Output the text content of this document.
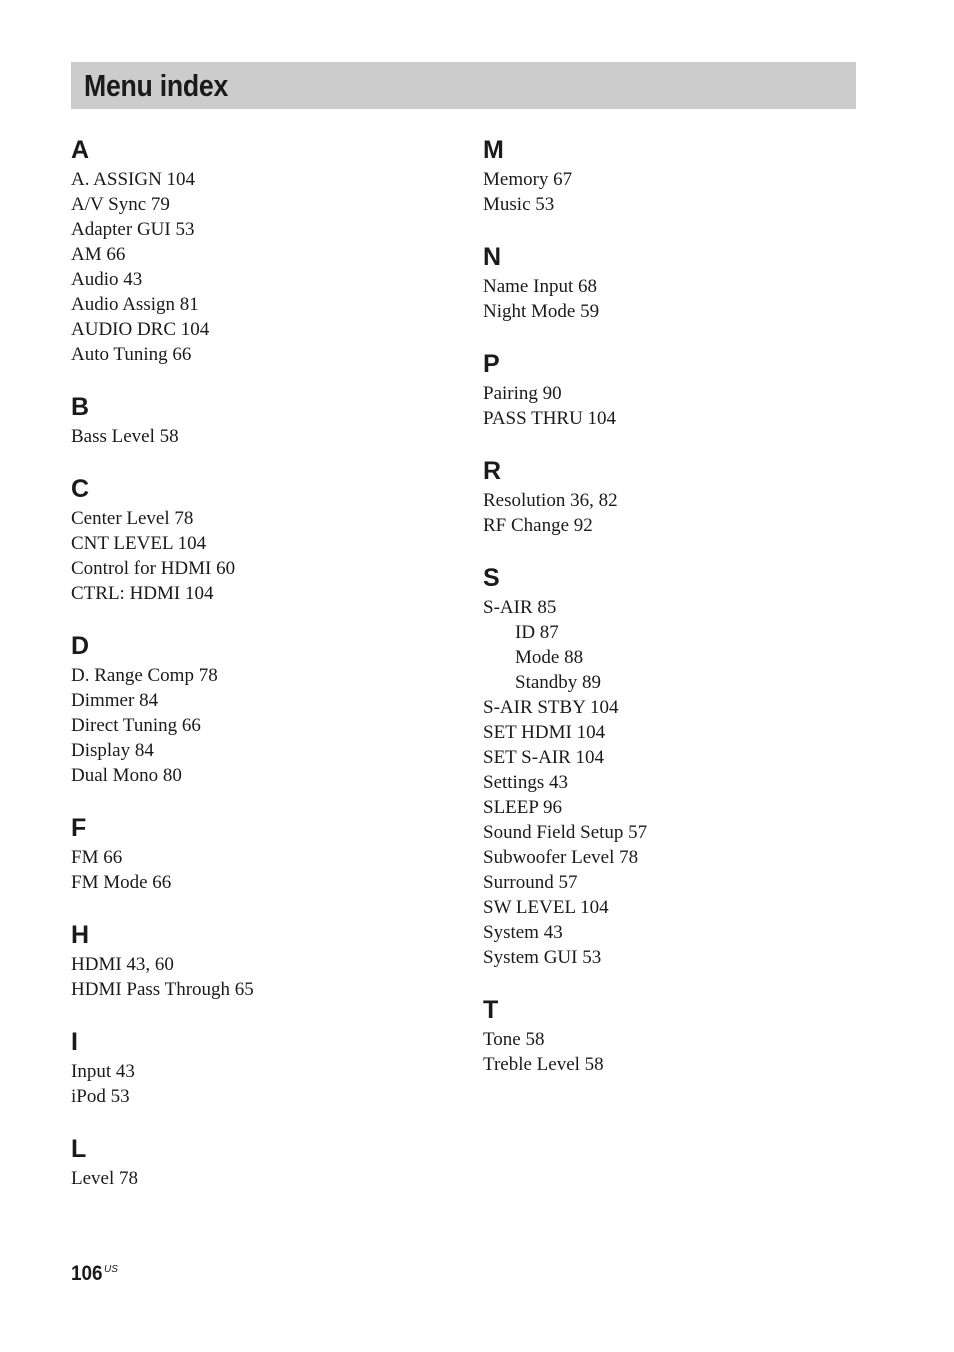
Menu index
A
A. ASSIGN 104
A/V Sync 79
Adapter GUI 53
AM 66
Audio 43
Audio Assign 81
AUDIO DRC 104
Auto Tuning 66
B
Bass Level 58
C
Center Level 78
CNT LEVEL 104
Control for HDMI 60
CTRL: HDMI 104
D
D. Range Comp 78
Dimmer 84
Direct Tuning 66
Display 84
Dual Mono 80
F
FM 66
FM Mode 66
H
HDMI 43, 60
HDMI Pass Through 65
I
Input 43
iPod 53
L
Level 78
M
Memory 67
Music 53
N
Name Input 68
Night Mode 59
P
Pairing 90
PASS THRU 104
R
Resolution 36, 82
RF Change 92
S
S-AIR 85
ID 87
Mode 88
Standby 89
S-AIR STBY 104
SET HDMI 104
SET S-AIR 104
Settings 43
SLEEP 96
Sound Field Setup 57
Subwoofer Level 78
Surround 57
SW LEVEL 104
System 43
System GUI 53
T
Tone 58
Treble Level 58
106 $^{US}$
